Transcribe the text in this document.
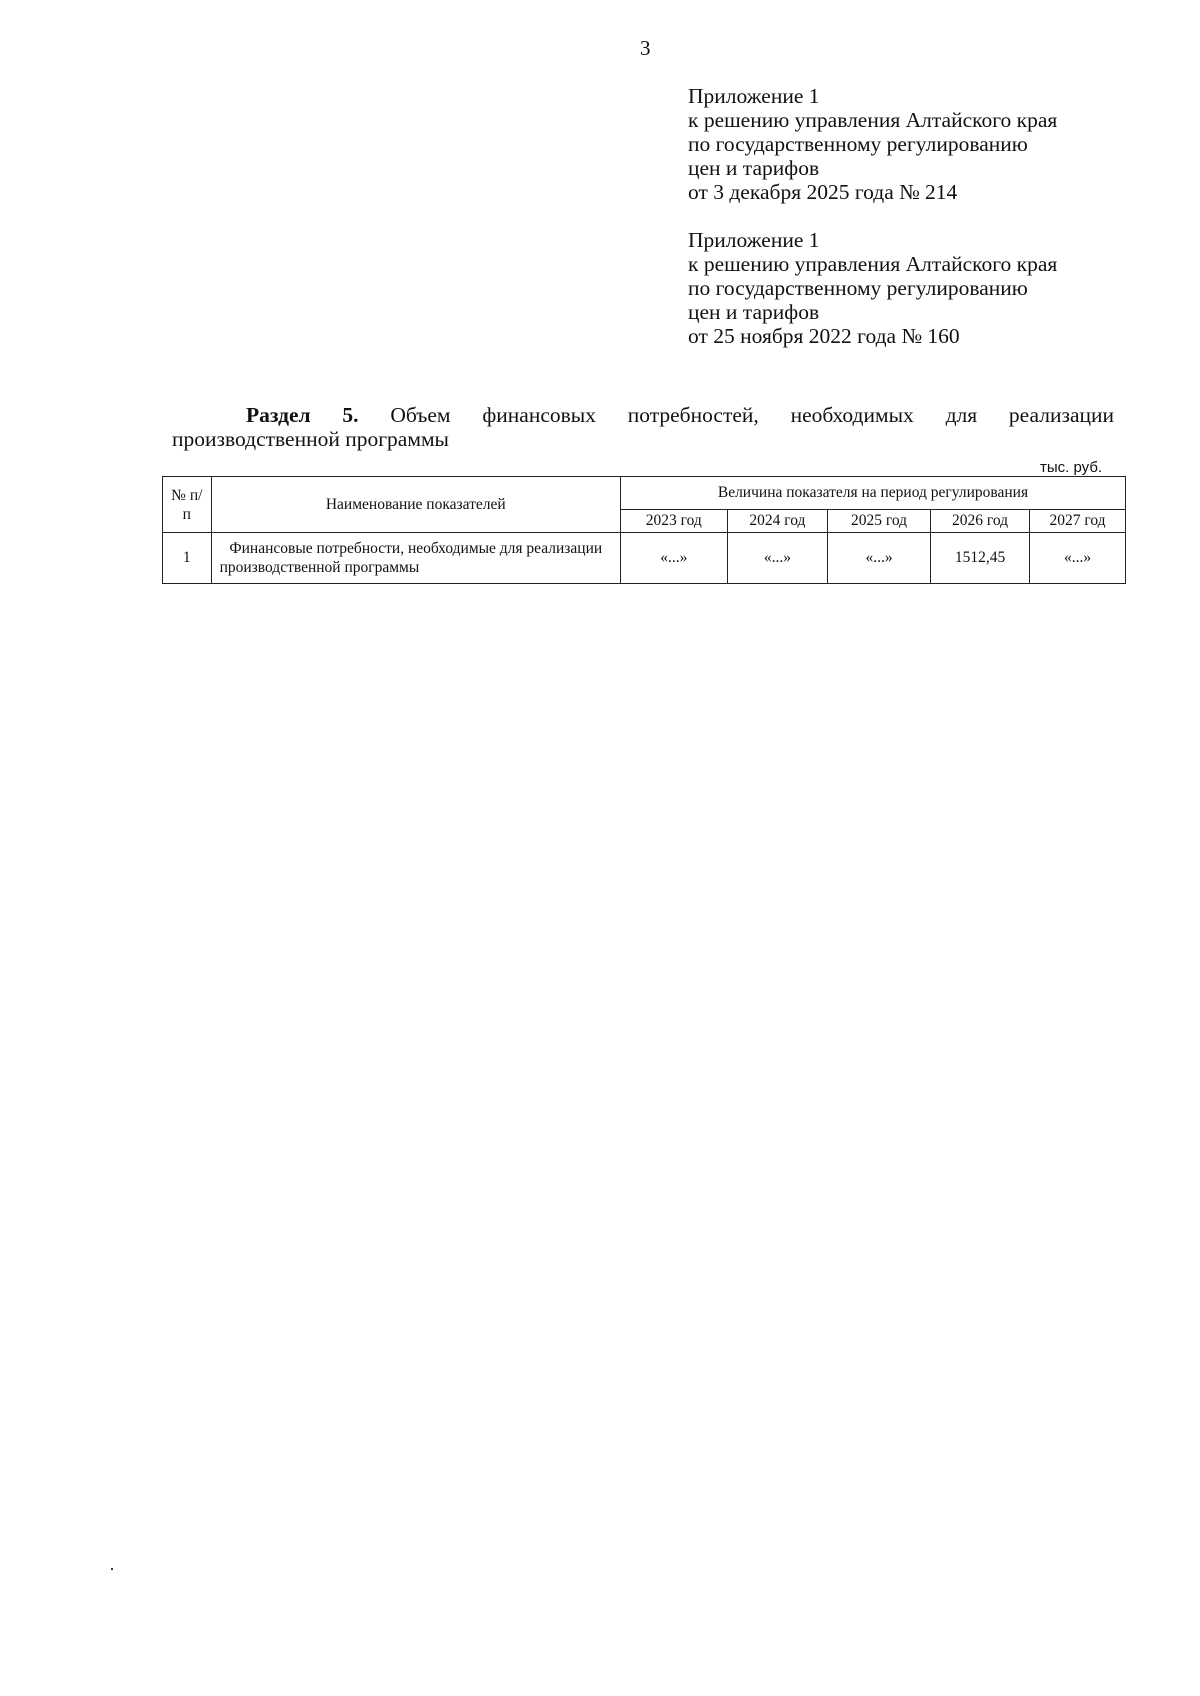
3
Приложение 1
к решению управления Алтайского края
по государственному регулированию
цен и тарифов
от 3 декабря 2025 года № 214
Приложение 1
к решению управления Алтайского края
по государственному регулированию
цен и тарифов
от 25 ноября 2022 года № 160
Раздел 5. Объем финансовых потребностей, необходимых для реализации
производственной программы
тыс. руб.
№ п/п	Наименование показателей	Величина показателя на период регулирования				
		2023 год	2024 год	2025 год	2026 год	2027 год
1	Финансовые потребности, необходимые для реализации производственной программы	«...»	«...»	«...»	1512,45	«...»
